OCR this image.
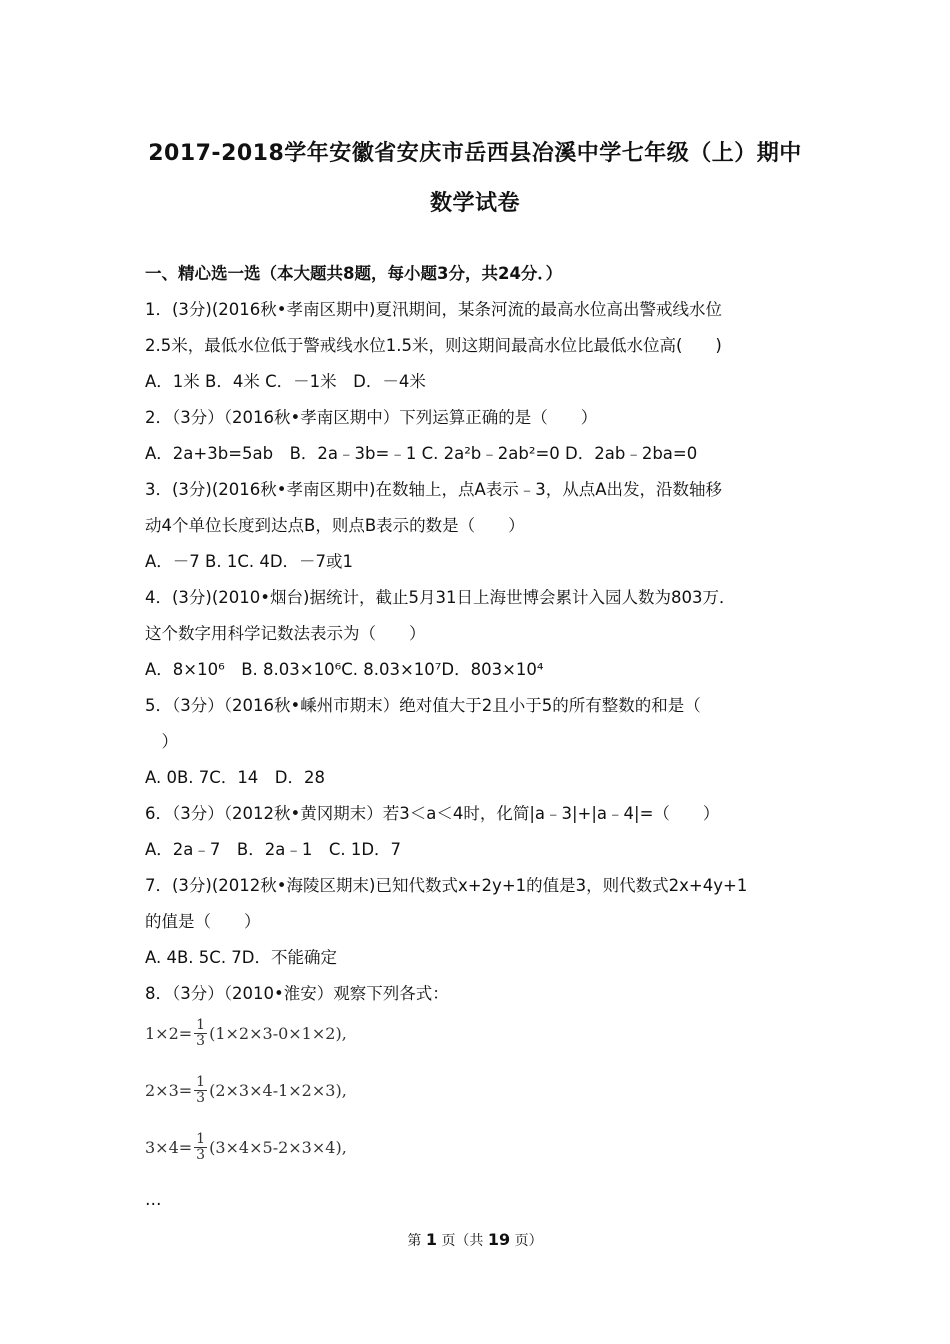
2017-2018学年安徽省安庆市岳西县冶溪中学七年级（上）期中
数学试卷
一、精心选一选（本大题共8题，每小题3分，共24分．）
1．(3分)(2016秋•孝南区期中)夏汛期间，某条河流的最高水位高出警戒线水位
2.5米，最低水位低于警戒线水位1.5米，则这期间最高水位比最低水位高(　　)
A．1米 B．4米 C．－1米　D．－4米
2．（3分）（2016秋•孝南区期中）下列运算正确的是（　　）
A．2a+3b=5ab　B．2a﹣3b=﹣1 C. 2a²b﹣2ab²=0 D．2ab﹣2ba=0
3．(3分)(2016秋•孝南区期中)在数轴上，点A表示﹣3，从点A出发，沿数轴移
动4个单位长度到达点B，则点B表示的数是（　　）
A．－7 B. 1C. 4D．－7或1
4．(3分)(2010•烟台)据统计，截止5月31日上海世博会累计入园人数为803万．
这个数字用科学记数法表示为（　　）
A．8×10⁶　B. 8.03×10⁶C. 8.03×10⁷D．803×10⁴
5．（3分）（2016秋•嵊州市期末）绝对值大于2且小于5的所有整数的和是（
　）
A. 0B. 7C．14　D．28
6．（3分）（2012秋•黄冈期末）若3＜a＜4时，化简|a﹣3|+|a﹣4|=（　　）
A．2a﹣7　B．2a﹣1　C. 1D．7
7．(3分)(2012秋•海陵区期末)已知代数式x+2y+1的值是3，则代数式2x+4y+1
的值是（　　）
A. 4B. 5C. 7D．不能确定
8．（3分）（2010•淮安）观察下列各式：
$1\times 2= \frac{1}{3} (1\times 2\times 3-0\times 1\times 2)$,
$2\times 3= \frac{1}{3} (2\times 3\times 4-1\times 2\times 3)$,
$3\times 4= \frac{1}{3} (3\times 4\times 5-2\times 3\times 4)$,
…
第 1 页（共 19 页）
